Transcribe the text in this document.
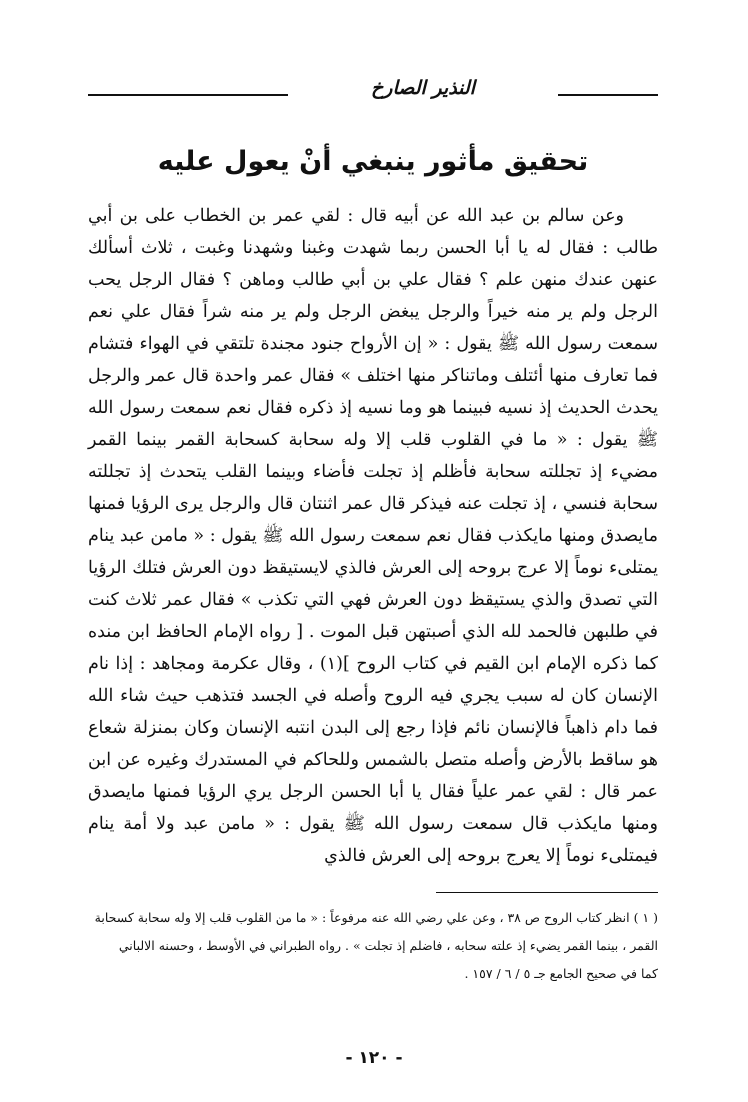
النذير الصارخ
تحقيق مأثور ينبغي أنْ يعول عليه

وعن سالم بن عبد الله عن أبيه قال : لقي عمر بن الخطاب على بن أبي طالب : فقال له يا أبا الحسن ربما شهدت وغبنا وشهدنا وغبت ، ثلاث أسألك عنهن عندك منهن علم ؟ فقال علي بن أبي طالب وماهن ؟ فقال الرجل يحب الرجل ولم ير منه خيراً والرجل يبغض الرجل ولم ير منه شراً فقال علي نعم سمعت رسول الله ﷺ يقول : « إن الأرواح جنود مجندة تلتقي في الهواء فتشام فما تعارف منها أئتلف وماتناكر منها اختلف » فقال عمر واحدة قال عمر والرجل يحدث الحديث إذ نسيه فبينما هو وما نسيه إذ ذكره فقال نعم سمعت رسول الله ﷺ يقول : « ما في القلوب قلب إلا وله سحابة كسحابة القمر بينما القمر مضيء إذ تجللته سحابة فأظلم إذ تجلت فأضاء وبينما القلب يتحدث إذ تجللته سحابة فنسي ، إذ تجلت عنه فيذكر قال عمر اثنتان قال والرجل يرى الرؤيا فمنها مايصدق ومنها مايكذب فقال نعم سمعت رسول الله ﷺ يقول : « مامن عبد ينام يمتلىء نوماً إلا عرج بروحه إلى العرش فالذي لايستيقظ دون العرش فتلك الرؤيا التي تصدق والذي يستيقظ دون العرش فهي التي تكذب » فقال عمر ثلاث كنت في طلبهن فالحمد لله الذي أصبتهن قبل الموت . [ رواه الإمام الحافظ ابن منده كما ذكره الإمام ابن القيم في كتاب الروح ](١) ، وقال عكرمة ومجاهد : إذا نام الإنسان كان له سبب يجري فيه الروح وأصله في الجسد فتذهب حيث شاء الله فما دام ذاهباً فالإنسان نائم فإذا رجع إلى البدن انتبه الإنسان وكان بمنزلة شعاع هو ساقط بالأرض وأصله متصل بالشمس وللحاكم في المستدرك وغيره عن ابن عمر قال : لقي عمر علياً فقال يا أبا الحسن الرجل يري الرؤيا فمنها مايصدق ومنها مايكذب قال سمعت رسول الله ﷺ يقول : « مامن عبد ولا أمة ينام فيمتلىء نوماً إلا يعرج بروحه إلى العرش فالذي

( ١ ) انظر كتاب الروح ص ٣٨ ، وعن علي رضي الله عنه مرفوعاً : « ما من القلوب قلب إلا وله سحابة كسحابة

القمر ، بينما القمر يضيء إذ علته سحابه ، فاضلم إذ تجلت » . رواه الطبراني في الأوسط ، وحسنه الالباني

كما في صحيح الجامع جـ ٥ / ٦ / ١٥٧ .

- ١٢٠ -
